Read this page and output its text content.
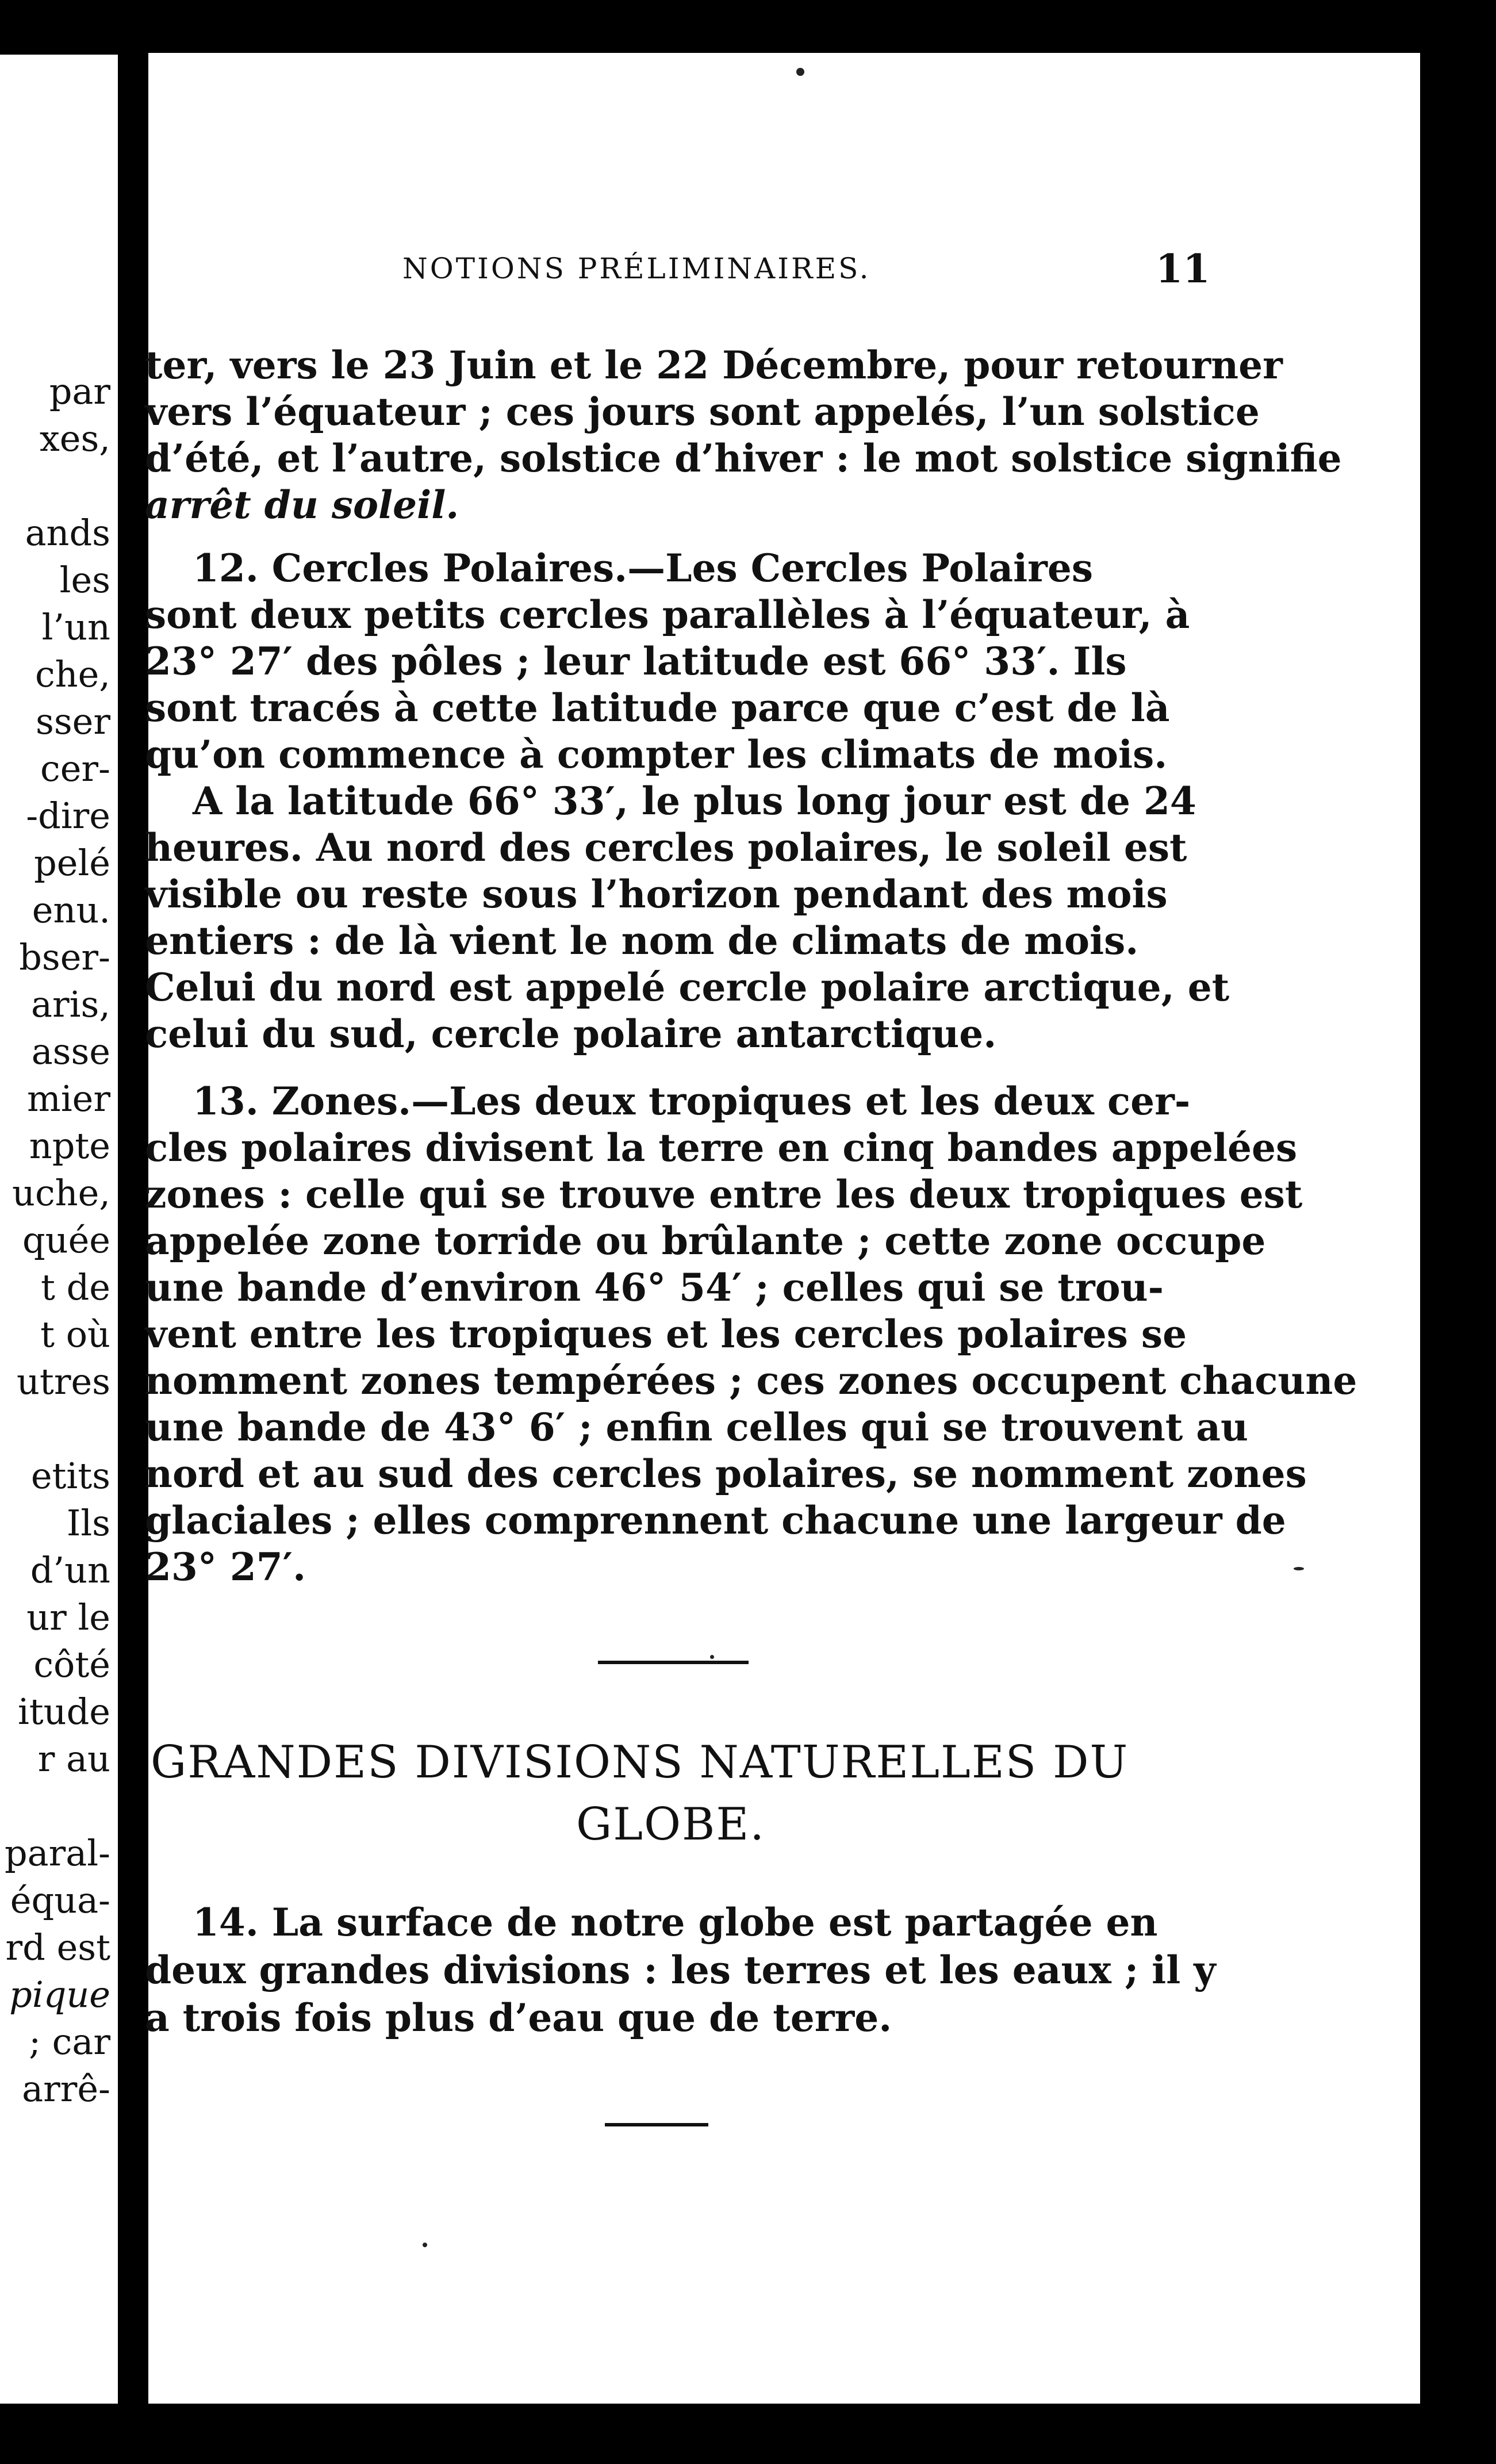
par
xes,
ands
les
l’un
che,
sser
cer-
-dire
pelé
enu.
bser-
aris,
asse
mier
npte
uche,
quée
t de
t où
utres
etits
Ils
d’un
ur le
côté
itude
r au
paral-
équa-
rd est
pique
; car
arrê-
NOTIONS PRÉLIMINAIRES.	11
ter, vers le 23 Juin et le 22 Décembre, pour retourner
vers l’équateur ; ces jours sont appelés, l’un solstice
d’été, et l’autre, solstice d’hiver : le mot solstice signifie
arrêt du soleil.
12. Cercles Polaires.—Les Cercles Polaires
sont deux petits cercles parallèles à l’équateur, à
23° 27′ des pôles ; leur latitude est 66° 33′. Ils
sont tracés à cette latitude parce que c’est de là
qu’on commence à compter les climats de mois.
A la latitude 66° 33′, le plus long jour est de 24
heures. Au nord des cercles polaires, le soleil est
visible ou reste sous l’horizon pendant des mois
entiers : de là vient le nom de climats de mois.
Celui du nord est appelé cercle polaire arctique, et
celui du sud, cercle polaire antarctique.
13. Zones.—Les deux tropiques et les deux cer-
cles polaires divisent la terre en cinq bandes appelées
zones : celle qui se trouve entre les deux tropiques est
appelée zone torride ou brûlante ; cette zone occupe
une bande d’environ 46° 54′ ; celles qui se trou-
vent entre les tropiques et les cercles polaires se
nomment zones tempérées ; ces zones occupent chacune
une bande de 43° 6′ ; enfin celles qui se trouvent au
nord et au sud des cercles polaires, se nomment zones
glaciales ; elles comprennent chacune une largeur de
23° 27′.
GRANDES DIVISIONS NATURELLES DU
GLOBE.
14. La surface de notre globe est partagée en
deux grandes divisions : les terres et les eaux ; il y
a trois fois plus d’eau que de terre.
